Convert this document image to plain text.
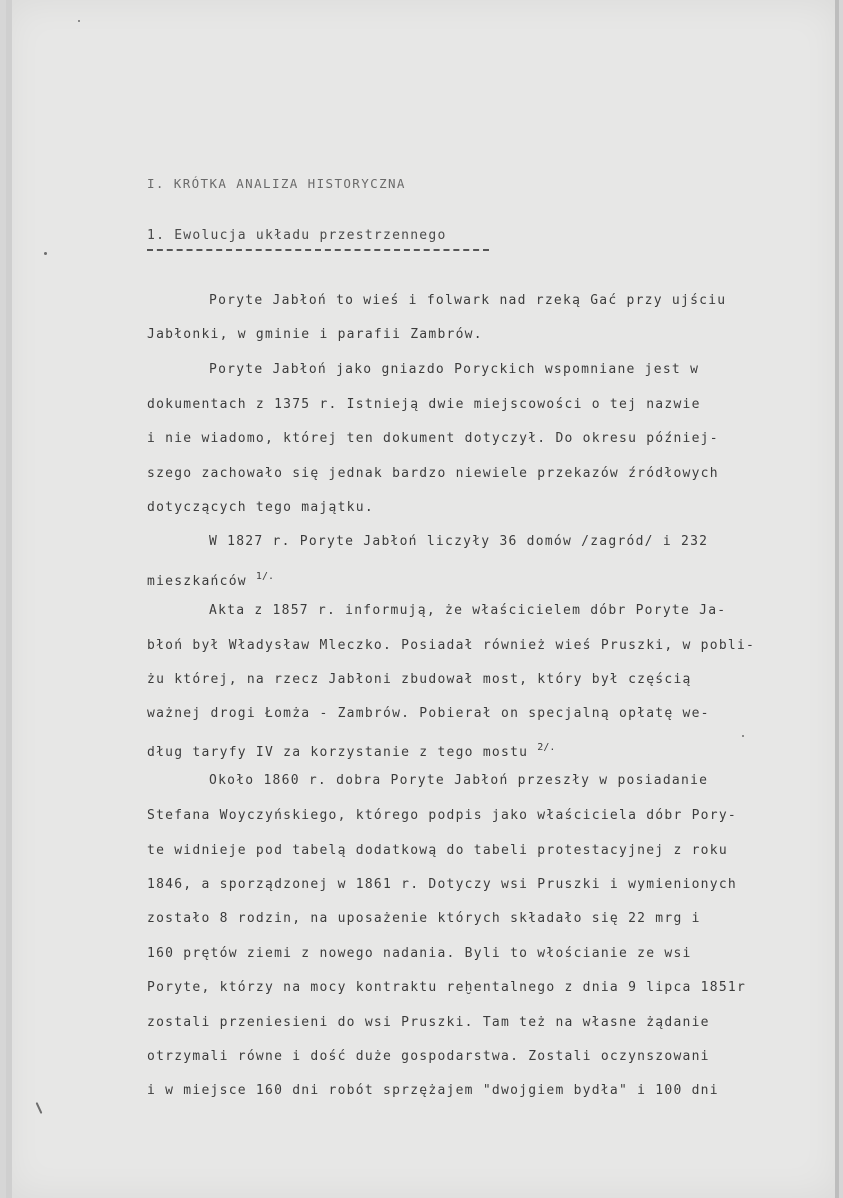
I. KRÓTKA ANALIZA HISTORYCZNA
1. Ewolucja układu przestrzennego
Poryte Jabłoń to wieś i folwark nad rzeką Gać przy ujściu
Jabłonki, w gminie i parafii Zambrów.
Poryte Jabłoń jako gniazdo Poryckich wspomniane jest w
dokumentach z 1375 r. Istnieją dwie miejscowości o tej nazwie
i nie wiadomo, której ten dokument dotyczył. Do okresu później-
szego zachowało się jednak bardzo niewiele przekazów źródłowych
dotyczących tego majątku.
W 1827 r. Poryte Jabłoń liczyły 36 domów /zagród/ i 232
mieszkańców $^{1/.}$
Akta z 1857 r. informują, że właścicielem dóbr Poryte Ja-
błoń był Władysław Mleczko. Posiadał również wieś Pruszki, w pobli-
żu której, na rzecz Jabłoni zbudował most, który był częścią
ważnej drogi Łomża - Zambrów. Pobierał on specjalną opłatę we-
dług taryfy IV za korzystanie z tego mostu $^{2/.}$
Około 1860 r. dobra Poryte Jabłoń przeszły w posiadanie
Stefana Woyczyńskiego, którego podpis jako właściciela dóbr Pory-
te widnieje pod tabelą dodatkową do tabeli protestacyjnej z roku
1846, a sporządzonej w 1861 r. Dotyczy wsi Pruszki i wymienionych
zostało 8 rodzin, na uposażenie których składało się 22 mrg i
160 prętów ziemi z nowego nadania. Byli to włościanie ze wsi
Poryte, którzy na mocy kontraktu reḫentalnego z dnia 9 lipca 1851r
zostali przeniesieni do wsi Pruszki. Tam też na własne żądanie
otrzymali równe i dość duże gospodarstwa. Zostali oczynszowani
i w miejsce 160 dni robót sprzężajem "dwojgiem bydła" i 100 dni
